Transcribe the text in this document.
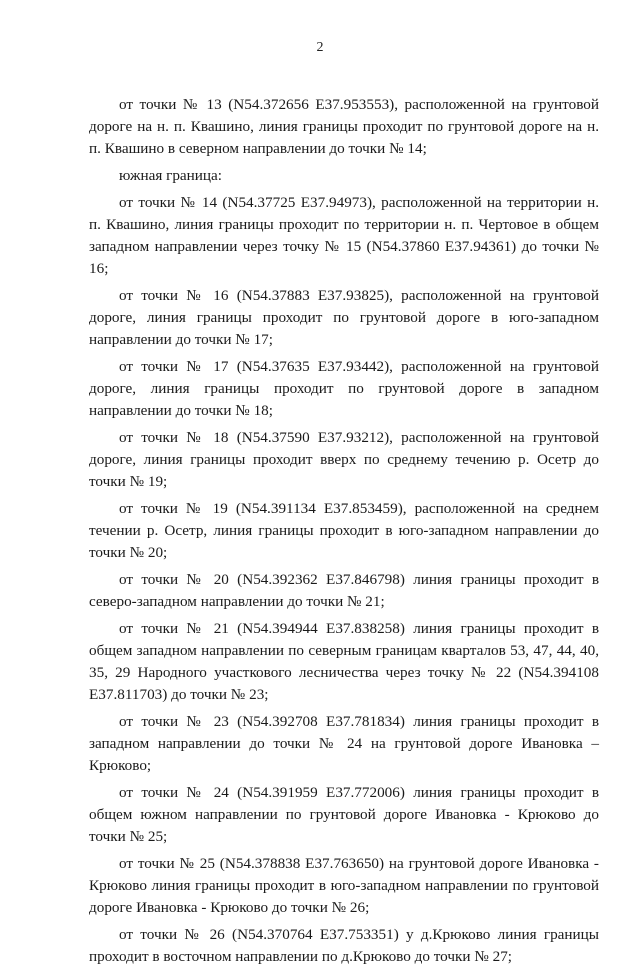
2

от точки № 13 (N54.372656 E37.953553), расположенной на грунтовой дороге на н. п. Квашино, линия границы проходит по грунтовой дороге на н. п. Квашино в северном направлении до точки № 14;

южная граница:

от точки № 14 (N54.37725 E37.94973), расположенной на территории н. п. Квашино, линия границы проходит по территории н. п. Чертовое в общем западном направлении через точку № 15 (N54.37860 E37.94361) до точки № 16;

от точки № 16 (N54.37883 E37.93825), расположенной на грунтовой дороге, линия границы проходит по грунтовой дороге в юго-западном направлении до точки № 17;

от точки № 17 (N54.37635 E37.93442), расположенной на грунтовой дороге, линия границы проходит по грунтовой дороге в западном направлении до точки № 18;

от точки № 18 (N54.37590 E37.93212), расположенной на грунтовой дороге, линия границы проходит вверх по среднему течению р. Осетр до точки № 19;

от точки № 19 (N54.391134 E37.853459), расположенной на среднем течении р. Осетр, линия границы проходит в юго-западном направлении до точки № 20;

от точки № 20 (N54.392362 E37.846798) линия границы проходит в северо-западном направлении до точки № 21;

от точки № 21 (N54.394944 E37.838258) линия границы проходит в общем западном направлении по северным границам кварталов 53, 47, 44, 40, 35, 29 Народного участкового лесничества через точку № 22 (N54.394108 E37.811703) до точки № 23;

от точки № 23 (N54.392708 E37.781834) линия границы проходит в западном направлении до точки № 24 на грунтовой дороге Ивановка – Крюково;

от точки № 24 (N54.391959 E37.772006) линия границы проходит в общем южном направлении по грунтовой дороге Ивановка - Крюково до точки № 25;

от точки № 25 (N54.378838 E37.763650) на грунтовой дороге Ивановка - Крюково линия границы проходит в юго-западном направлении по грунтовой дороге Ивановка - Крюково до точки № 26;

от точки № 26 (N54.370764 E37.753351) у д.Крюково линия границы проходит в восточном направлении по д.Крюково до точки № 27;
